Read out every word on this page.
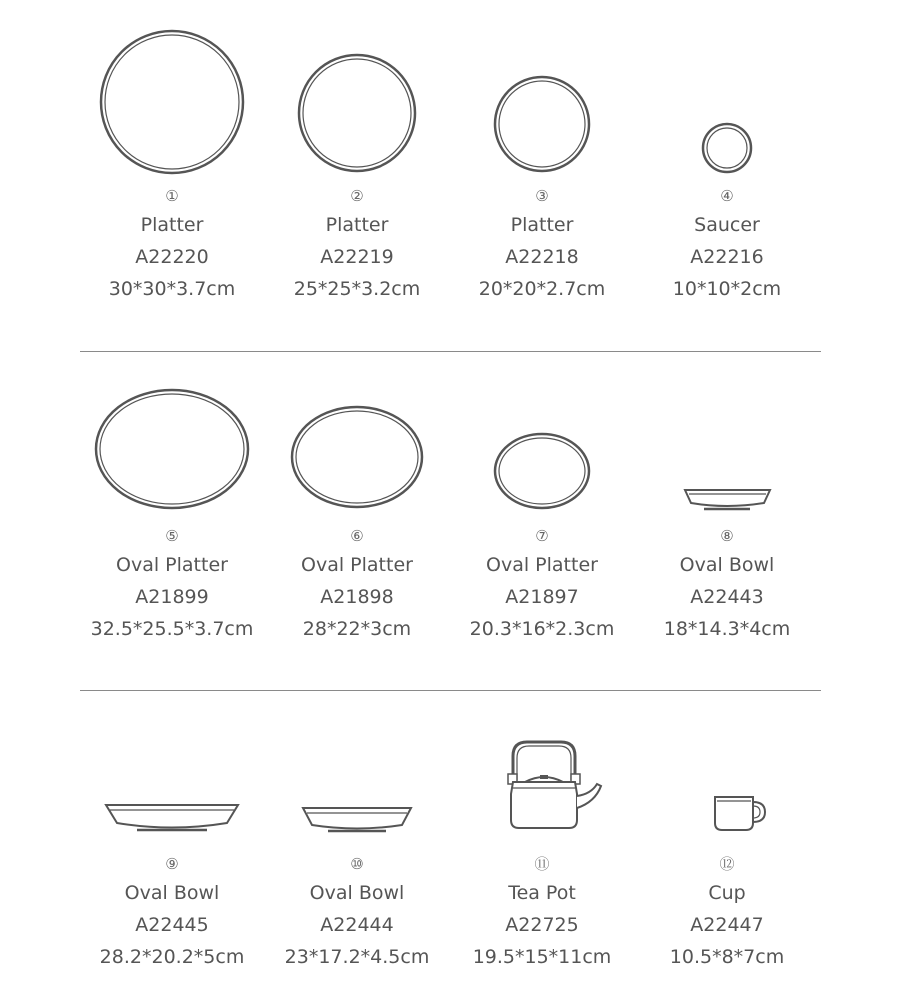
①
Platter
A22220
30*30*3.7cm
②
Platter
A22219
25*25*3.2cm
③
Platter
A22218
20*20*2.7cm
④
Saucer
A22216
10*10*2cm
⑤
Oval Platter
A21899
32.5*25.5*3.7cm
⑥
Oval Platter
A21898
28*22*3cm
⑦
Oval Platter
A21897
20.3*16*2.3cm
⑧
Oval Bowl
A22443
18*14.3*4cm
⑨
Oval Bowl
A22445
28.2*20.2*5cm
⑩
Oval Bowl
A22444
23*17.2*4.5cm
⑪
Tea Pot
A22725
19.5*15*11cm
⑫
Cup
A22447
10.5*8*7cm
